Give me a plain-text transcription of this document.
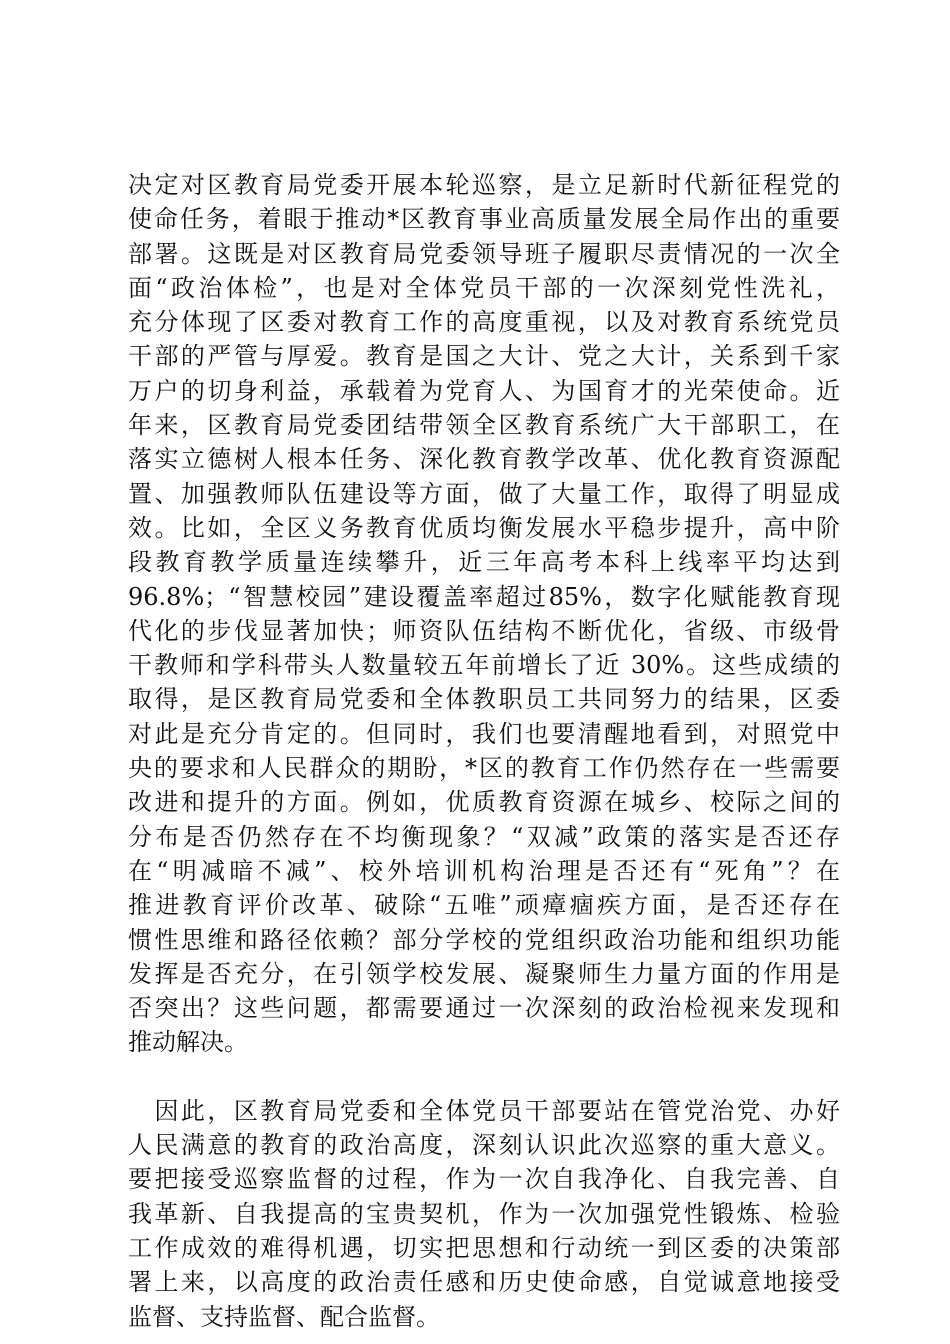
决定对区教育局党委开展本轮巡察，是立足新时代新征程党的
使命任务，着眼于推动*区教育事业高质量发展全局作出的重要
部署。这既是对区教育局党委领导班子履职尽责情况的一次全
面“政治体检”，也是对全体党员干部的一次深刻党性洗礼，
充分体现了区委对教育工作的高度重视，以及对教育系统党员
干部的严管与厚爱。教育是国之大计、党之大计，关系到千家
万户的切身利益，承载着为党育人、为国育才的光荣使命。近
年来，区教育局党委团结带领全区教育系统广大干部职工，在
落实立德树人根本任务、深化教育教学改革、优化教育资源配
置、加强教师队伍建设等方面，做了大量工作，取得了明显成
效。比如，全区义务教育优质均衡发展水平稳步提升，高中阶
段教育教学质量连续攀升，近三年高考本科上线率平均达到
96.8%；“智慧校园”建设覆盖率超过85%，数字化赋能教育现
代化的步伐显著加快；师资队伍结构不断优化，省级、市级骨
干教师和学科带头人数量较五年前增长了近 30%。这些成绩的
取得，是区教育局党委和全体教职员工共同努力的结果，区委
对此是充分肯定的。但同时，我们也要清醒地看到，对照党中
央的要求和人民群众的期盼，*区的教育工作仍然存在一些需要
改进和提升的方面。例如，优质教育资源在城乡、校际之间的
分布是否仍然存在不均衡现象？“双减”政策的落实是否还存
在“明减暗不减”、校外培训机构治理是否还有“死角”？在
推进教育评价改革、破除“五唯”顽瘴痼疾方面，是否还存在
惯性思维和路径依赖？部分学校的党组织政治功能和组织功能
发挥是否充分，在引领学校发展、凝聚师生力量方面的作用是
否突出？这些问题，都需要通过一次深刻的政治检视来发现和
推动解决。
　因此，区教育局党委和全体党员干部要站在管党治党、办好
人民满意的教育的政治高度，深刻认识此次巡察的重大意义。
要把接受巡察监督的过程，作为一次自我净化、自我完善、自
我革新、自我提高的宝贵契机，作为一次加强党性锻炼、检验
工作成效的难得机遇，切实把思想和行动统一到区委的决策部
署上来，以高度的政治责任感和历史使命感，自觉诚意地接受
监督、支持监督、配合监督。
